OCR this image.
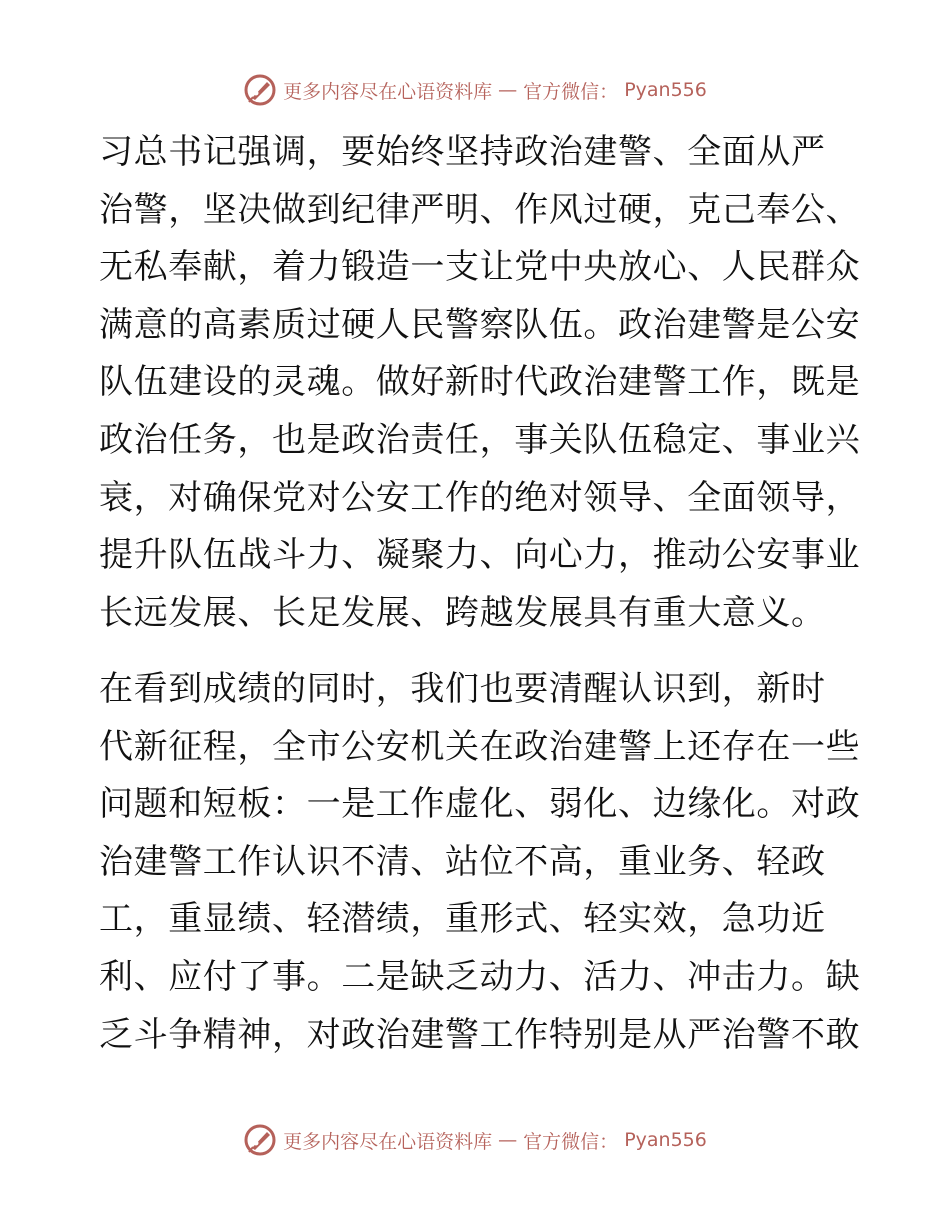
更多内容尽在心语资料库 — 官方微信： Pyan556
习总书记强调，要始终坚持政治建警、全面从严
治警，坚决做到纪律严明、作风过硬，克己奉公、
无私奉献，着力锻造一支让党中央放心、人民群众
满意的高素质过硬人民警察队伍。政治建警是公安
队伍建设的灵魂。做好新时代政治建警工作，既是
政治任务，也是政治责任，事关队伍稳定、事业兴
衰，对确保党对公安工作的绝对领导、全面领导，
提升队伍战斗力、凝聚力、向心力，推动公安事业
长远发展、长足发展、跨越发展具有重大意义。
在看到成绩的同时，我们也要清醒认识到，新时
代新征程，全市公安机关在政治建警上还存在一些
问题和短板：一是工作虚化、弱化、边缘化。对政
治建警工作认识不清、站位不高，重业务、轻政
工，重显绩、轻潜绩，重形式、轻实效，急功近
利、应付了事。二是缺乏动力、活力、冲击力。缺
乏斗争精神，对政治建警工作特别是从严治警不敢
更多内容尽在心语资料库 — 官方微信： Pyan556
